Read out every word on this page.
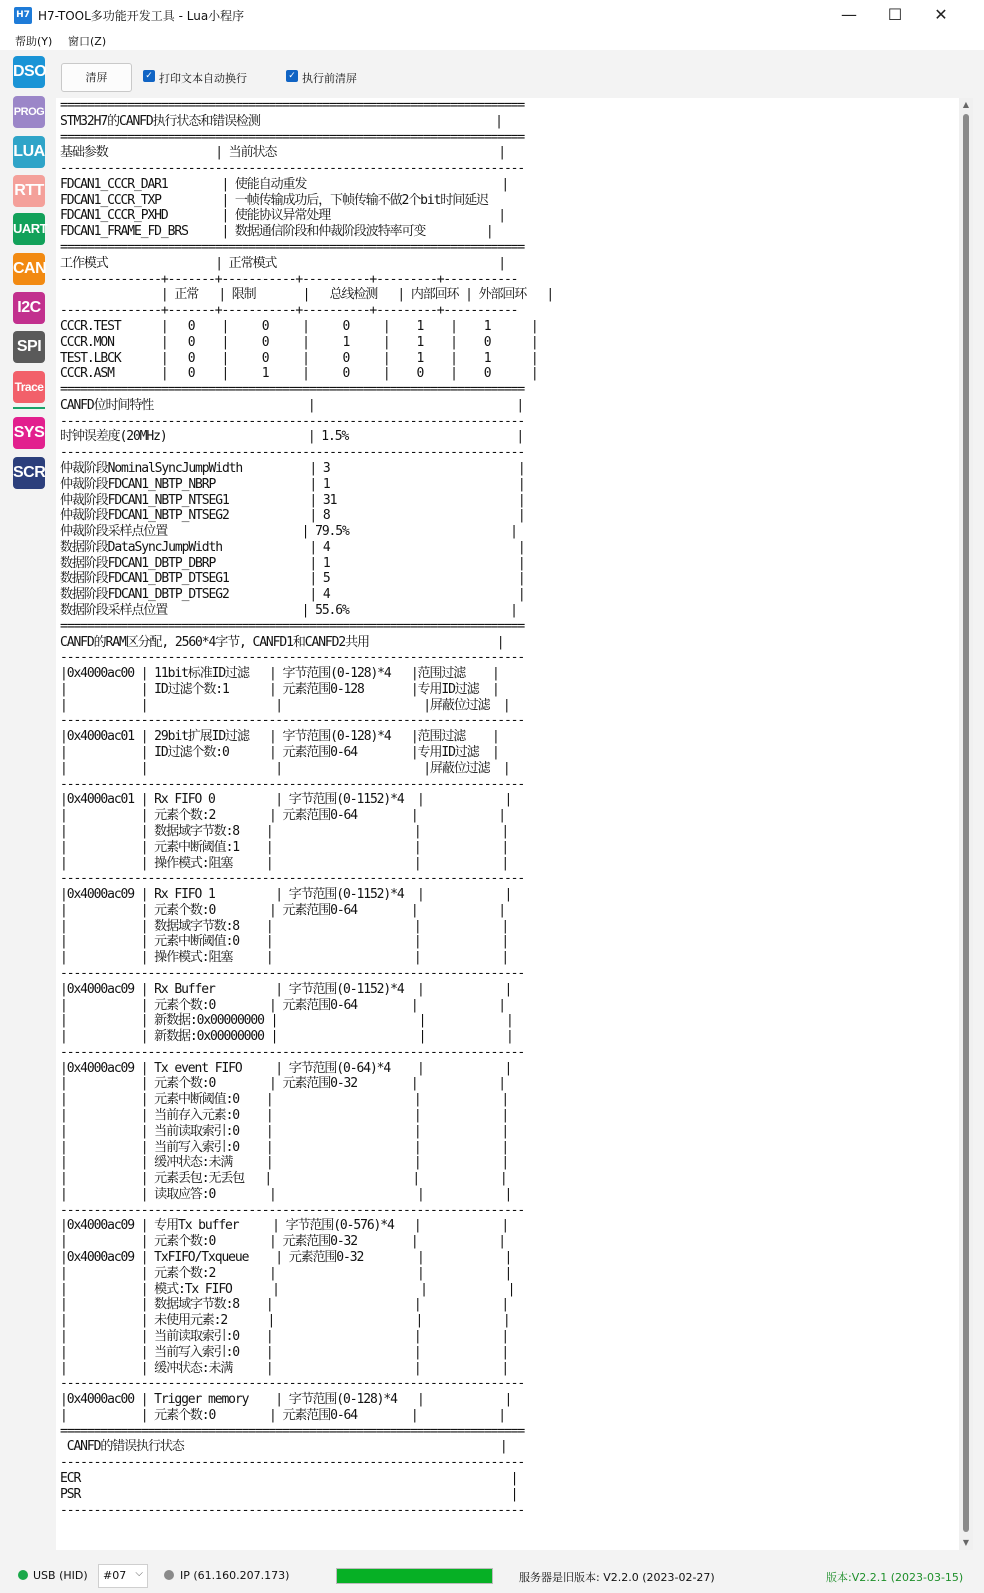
H7 H7-TOOL多功能开发工具 - Lua小程序	—	☐	✕
帮助(Y) 窗口(Z)
DSO
PROG
LUA
RTT
UART
CAN
I2C
SPI
Trace
SYS
SCR
清屏	✓ 打印文本自动换行	✓ 执行前清屏
=====================================================================
STM32H7的CANFD执行状态和错误检测                                   |
=====================================================================
基础参数                | 当前状态                                 |
---------------------------------------------------------------------
FDCAN1_CCCR_DAR1        | 使能自动重发                             |
FDCAN1_CCCR_TXP         | 一帧传输成功后，下帧传输不做2个bit时间延迟
FDCAN1_CCCR_PXHD        | 使能协议异常处理                         |
FDCAN1_FRAME_FD_BRS     | 数据通信阶段和仲裁阶段波特率可变         |
=====================================================================
工作模式                | 正常模式                                 |
---------------+-------+-----------+----------+---------+-----------
| 正常   | 限制       |   总线检测   | 内部回环 | 外部回环   |
---------------+-------+-----------+----------+---------+-----------
CCCR.TEST      |   0    |     0     |     0     |    1    |    1      |
CCCR.MON       |   0    |     0     |     1     |    1    |    0      |
TEST.LBCK      |   0    |     0     |     0     |    1    |    1      |
CCCR.ASM       |   0    |     1     |     0     |    0    |    0      |
=====================================================================
CANFD位时间特性                       |                              |
---------------------------------------------------------------------
时钟误差度(20MHz)                     | 1.5%                         |
---------------------------------------------------------------------
仲裁阶段NominalSyncJumpWidth          | 3                            |
仲裁阶段FDCAN1_NBTP_NBRP              | 1                            |
仲裁阶段FDCAN1_NBTP_NTSEG1            | 31                           |
仲裁阶段FDCAN1_NBTP_NTSEG2            | 8                            |
仲裁阶段采样点位置                    | 79.5%                        |
数据阶段DataSyncJumpWidth             | 4                            |
数据阶段FDCAN1_DBTP_DBRP              | 1                            |
数据阶段FDCAN1_DBTP_DTSEG1            | 5                            |
数据阶段FDCAN1_DBTP_DTSEG2            | 4                            |
数据阶段采样点位置                    | 55.6%                        |
=====================================================================
CANFD的RAM区分配, 2560*4字节, CANFD1和CANFD2共用                   |
---------------------------------------------------------------------
|0x4000ac00 | 11bit标准ID过滤   | 字节范围(0-128)*4   |范围过滤    |
|           | ID过滤个数:1      | 元素范围0-128       |专用ID过滤  |
|           |                   |                     |屏蔽位过滤  |
---------------------------------------------------------------------
|0x4000ac01 | 29bit扩展ID过滤   | 字节范围(0-128)*4   |范围过滤    |
|           | ID过滤个数:0      | 元素范围0-64        |专用ID过滤  |
|           |                   |                     |屏蔽位过滤  |
---------------------------------------------------------------------
|0x4000ac01 | Rx FIFO 0         | 字节范围(0-1152)*4  |            |
|           | 元素个数:2        | 元素范围0-64        |            |
|           | 数据域字节数:8    |                     |            |
|           | 元素中断阈值:1    |                     |            |
|           | 操作模式:阻塞     |                     |            |
---------------------------------------------------------------------
|0x4000ac09 | Rx FIFO 1         | 字节范围(0-1152)*4  |            |
|           | 元素个数:0        | 元素范围0-64        |            |
|           | 数据域字节数:8    |                     |            |
|           | 元素中断阈值:0    |                     |            |
|           | 操作模式:阻塞     |                     |            |
---------------------------------------------------------------------
|0x4000ac09 | Rx Buffer         | 字节范围(0-1152)*4  |            |
|           | 元素个数:0        | 元素范围0-64        |            |
|           | 新数据:0x00000000 |                     |            |
|           | 新数据:0x00000000 |                     |            |
---------------------------------------------------------------------
|0x4000ac09 | Tx event FIFO     | 字节范围(0-64)*4    |            |
|           | 元素个数:0        | 元素范围0-32        |            |
|           | 元素中断阈值:0    |                     |            |
|           | 当前存入元素:0    |                     |            |
|           | 当前读取索引:0    |                     |            |
|           | 当前写入索引:0    |                     |            |
|           | 缓冲状态:未满     |                     |            |
|           | 元素丢包:无丢包   |                     |            |
|           | 读取应答:0        |                     |            |
---------------------------------------------------------------------
|0x4000ac09 | 专用Tx buffer     | 字节范围(0-576)*4   |            |
|           | 元素个数:0        | 元素范围0-32        |            |
|0x4000ac09 | TxFIFO/Txqueue    | 元素范围0-32        |            |
|           | 元素个数:2        |                     |            |
|           | 模式:Tx FIFO      |                     |            |
|           | 数据域字节数:8    |                     |            |
|           | 未使用元素:2      |                     |            |
|           | 当前读取索引:0    |                     |            |
|           | 当前写入索引:0    |                     |            |
|           | 缓冲状态:未满     |                     |            |
---------------------------------------------------------------------
|0x4000ac00 | Trigger memory    | 字节范围(0-128)*4   |            |
|           | 元素个数:0        | 元素范围0-64        |            |
=====================================================================
CANFD的错误执行状态                                               |
---------------------------------------------------------------------
ECR                                                                |
PSR                                                                |
---------------------------------------------------------------------
▲
▼
USB (HID) #07 ⌵	IP (61.160.207.173)	服务器是旧版本: V2.2.0 (2023-02-27)	版本:V2.2.1 (2023-03-15)
